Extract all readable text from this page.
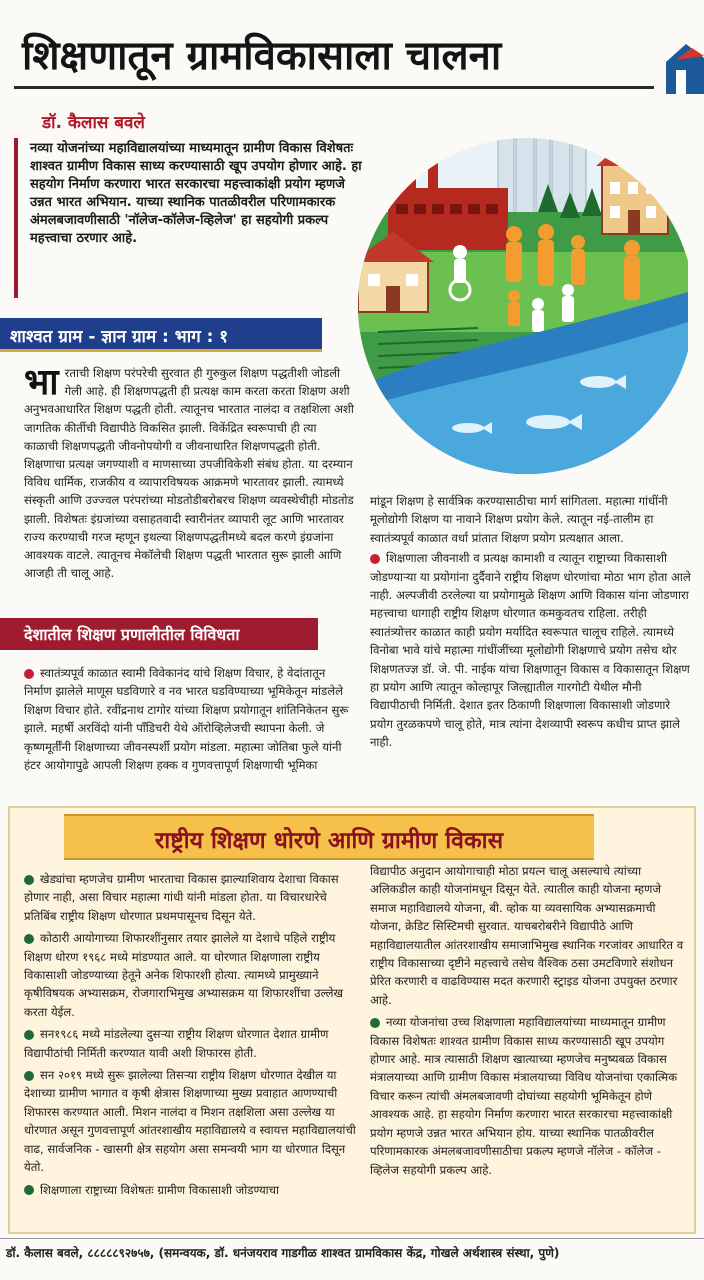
शिक्षणातून ग्रामविकासाला चालना
डॉ. कैलास बवले
नव्या योजनांच्या महाविद्यालयांच्या माध्यमातून ग्रामीण विकास विशेषतः शाश्वत ग्रामीण विकास साध्य करण्यासाठी खूप उपयोग होणार आहे. हा सहयोग निर्माण करणारा भारत सरकारचा महत्त्वाकांक्षी प्रयोग म्हणजे उन्नत भारत अभियान. याच्या स्थानिक पातळीवरील परिणामकारक अंमलबजावणीसाठी 'नॉलेज-कॉलेज-व्हिलेज' हा सहयोगी प्रकल्प महत्त्वाचा ठरणार आहे.
शाश्वत ग्राम - ज्ञान ग्राम : भाग : १
भारताची शिक्षण परंपरेची सुरवात ही गुरुकुल शिक्षण पद्धतीशी जोडली गेली आहे. ही शिक्षणपद्धती ही प्रत्यक्ष काम करता करता शिक्षण अशी अनुभवआधारित शिक्षण पद्धती होती. त्यातूनच भारतात नालंदा व तक्षशिला अशी जागतिक कीर्तीची विद्यापीठे विकसित झाली. विकेंद्रित स्वरूपाची ही त्या काळाची शिक्षणपद्धती जीवनोपयोगी व जीवनाधारित शिक्षणपद्धती होती. शिक्षणाचा प्रत्यक्ष जगण्याशी व माणसाच्या उपजीविकेशी संबंध होता. या दरम्यान विविध धार्मिक, राजकीय व व्यापारविषयक आक्रमणे भारतावर झाली. त्यामध्ये संस्कृती आणि उज्ज्वल परंपरांच्या मोडतोडीबरोबरच शिक्षण व्यवस्थेचीही मोडतोड झाली. विशेषतः इंग्रजांच्या वसाहतवादी स्वारीनंतर व्यापारी लूट आणि भारतावर राज्य करण्याची गरज म्हणून इथल्या शिक्षणपद्धतीमध्ये बदल करणे इंग्रजांना आवश्यक वाटले. त्यातूनच मेकॉलेची शिक्षण पद्धती भारतात सुरू झाली आणि आजही ती चालू आहे.
देशातील शिक्षण प्रणालीतील विविधता
स्वातंत्र्यपूर्व काळात स्वामी विवेकानंद यांचे शिक्षण विचार, हे वेदांतातून निर्माण झालेले माणूस घडविणारे व नव भारत घडविण्याच्या भूमिकेतून मांडलेले शिक्षण विचार होते. रवींद्रनाथ टागोर यांच्या शिक्षण प्रयोगातून शांतिनिकेतन सुरू झाले. महर्षी अरविंदो यांनी पॉंडिचरी येथे ऑरोव्हिलेजची स्थापना केली. जे कृष्णमूर्तींनी शिक्षणाच्या जीवनस्पर्शी प्रयोग मांडला. महात्मा जोतिबा फुले यांनी हंटर आयोगापुढे आपली शिक्षण हक्क व गुणवत्तापूर्ण शिक्षणाची भूमिका

मांडून शिक्षण हे सार्वत्रिक करण्यासाठीचा मार्ग सांगितला. महात्मा गांधींनी मूलोद्योगी शिक्षण या नावाने शिक्षण प्रयोग केले. त्यातून नई-तालीम हा स्वातंत्र्यपूर्व काळात वर्धा प्रांतात शिक्षण प्रयोग प्रत्यक्षात आला.

शिक्षणाला जीवनाशी व प्रत्यक्ष कामाशी व त्यातून राष्ट्राच्या विकासाशी जोडण्याऱ्या या प्रयोगांना दुर्दैवाने राष्ट्रीय शिक्षण धोरणांचा मोठा भाग होता आले नाही. अल्पजीवी ठरलेल्या या प्रयोगामुळे शिक्षण आणि विकास यांना जोडणारा महत्त्वाचा धागाही राष्ट्रीय शिक्षण धोरणात कमकुवतच राहिला. तरीही स्वातंत्र्योत्तर काळात काही प्रयोग मर्यादित स्वरूपात चालूच राहिले. त्यामध्ये विनोबा भावे यांचे महात्मा गांधींजींच्या मूलोद्योगी शिक्षणाचे प्रयोग तसेच थोर शिक्षणतज्ज्ञ डॉ. जे. पी. नाईक यांचा शिक्षणातून विकास व विकासातून शिक्षण हा प्रयोग आणि त्यातून कोल्हापूर जिल्ह्यातील गारगोटी येथील मौनी विद्यापीठाची निर्मिती. देशात इतर ठिकाणी शिक्षणाला विकासाशी जोडणारे प्रयोग तुरळकपणे चालू होते, मात्र त्यांना देशव्यापी स्वरूप कधीच प्राप्त झाले नाही.

राष्ट्रीय शिक्षण धोरणे आणि ग्रामीण विकास

खेड्यांचा म्हणजेच ग्रामीण भारताचा विकास झाल्याशिवाय देशाचा विकास होणार नाही, असा विचार महात्मा गांधी यांनी मांडला होता. या विचारधारेचे प्रतिबिंब राष्ट्रीय शिक्षण धोरणात प्रथमपासूनच दिसून येते.

कोठारी आयोगाच्या शिफारशींनुसार तयार झालेले या देशाचे पहिले राष्ट्रीय शिक्षण धोरण १९६८ मध्ये मांडण्यात आले. या धोरणात शिक्षणाला राष्ट्रीय विकासाशी जोडण्याच्या हेतूने अनेक शिफारशी होत्या. त्यामध्ये प्रामुख्याने कृषीविषयक अभ्यासक्रम, रोजगाराभिमुख अभ्यासक्रम या शिफारशींचा उल्लेख करता येईल.

सन१९८६ मध्ये मांडलेल्या दुसऱ्या राष्ट्रीय शिक्षण धोरणात देशात ग्रामीण विद्यापीठांची निर्मिती करण्यात यावी अशी शिफारस होती.

सन २०१९ मध्ये सुरू झालेल्या तिसऱ्या राष्ट्रीय शिक्षण धोरणात देखील या देशाच्या ग्रामीण भागात व कृषी क्षेत्रास शिक्षणाच्या मुख्य प्रवाहात आणण्याची शिफारस करण्यात आली. मिशन नालंदा व मिशन तक्षशिला असा उल्लेख या धोरणात असून गुणवत्तापूर्ण आंतरशाखीय महाविद्यालये व स्वायत्त महाविद्यालयांची वाढ, सार्वजनिक - खासगी क्षेत्र सहयोग असा समन्वयी भाग या धोरणात दिसून येतो.

शिक्षणाला राष्ट्राच्या विशेषतः ग्रामीण विकासाशी जोडण्याचा

विद्यापीठ अनुदान आयोगाचाही मोठा प्रयत्न चालू असल्याचे त्यांच्या अलिकडील काही योजनांमधून दिसून येते. त्यातील काही योजना म्हणजे समाज महाविद्यालये योजना, बी. व्होक या व्यवसायिक अभ्यासक्रमाची योजना, क्रेडिट सिस्टिमची सुरवात. याचबरोबरीने विद्यापीठे आणि महाविद्यालयातील आंतरशाखीय समाजाभिमुख स्थानिक गरजांवर आधारित व राष्ट्रीय विकासाच्या दृष्टीने महत्त्वाचे तसेच वैश्विक ठसा उमटविणारे संशोधन प्रेरित करणारी व वाढविण्यास मदत करणारी स्ट्राइड योजना उपयुक्त ठरणार आहे.

नव्या योजनांचा उच्च शिक्षणाला महाविद्यालयांच्या माध्यमातून ग्रामीण विकास विशेषतः शाश्वत ग्रामीण विकास साध्य करण्यासाठी खूप उपयोग होणार आहे. मात्र त्यासाठी शिक्षण खात्याच्या म्हणजेच मनुष्यबळ विकास मंत्रालयाच्या आणि ग्रामीण विकास मंत्रालयाच्या विविध योजनांचा एकात्मिक विचार करून त्यांची अंमलबजावणी दोघांच्या सहयोगी भूमिकेतून होणे आवश्यक आहे. हा सहयोग निर्माण करणारा भारत सरकारचा महत्त्वाकांक्षी प्रयोग म्हणजे उन्नत भारत अभियान होय. याच्या स्थानिक पातळीवरील परिणामकारक अंमलबजावणीसाठीचा प्रकल्प म्हणजे नॉलेज - कॉलेज - व्हिलेज सहयोगी प्रकल्प आहे.

डॉ. कैलास बवले, ८८८८८९२७५७, (समन्वयक, डॉ. धनंजयराव गाडगीळ शाश्वत ग्रामविकास केंद्र, गोखले अर्थशास्त्र संस्था, पुणे)
